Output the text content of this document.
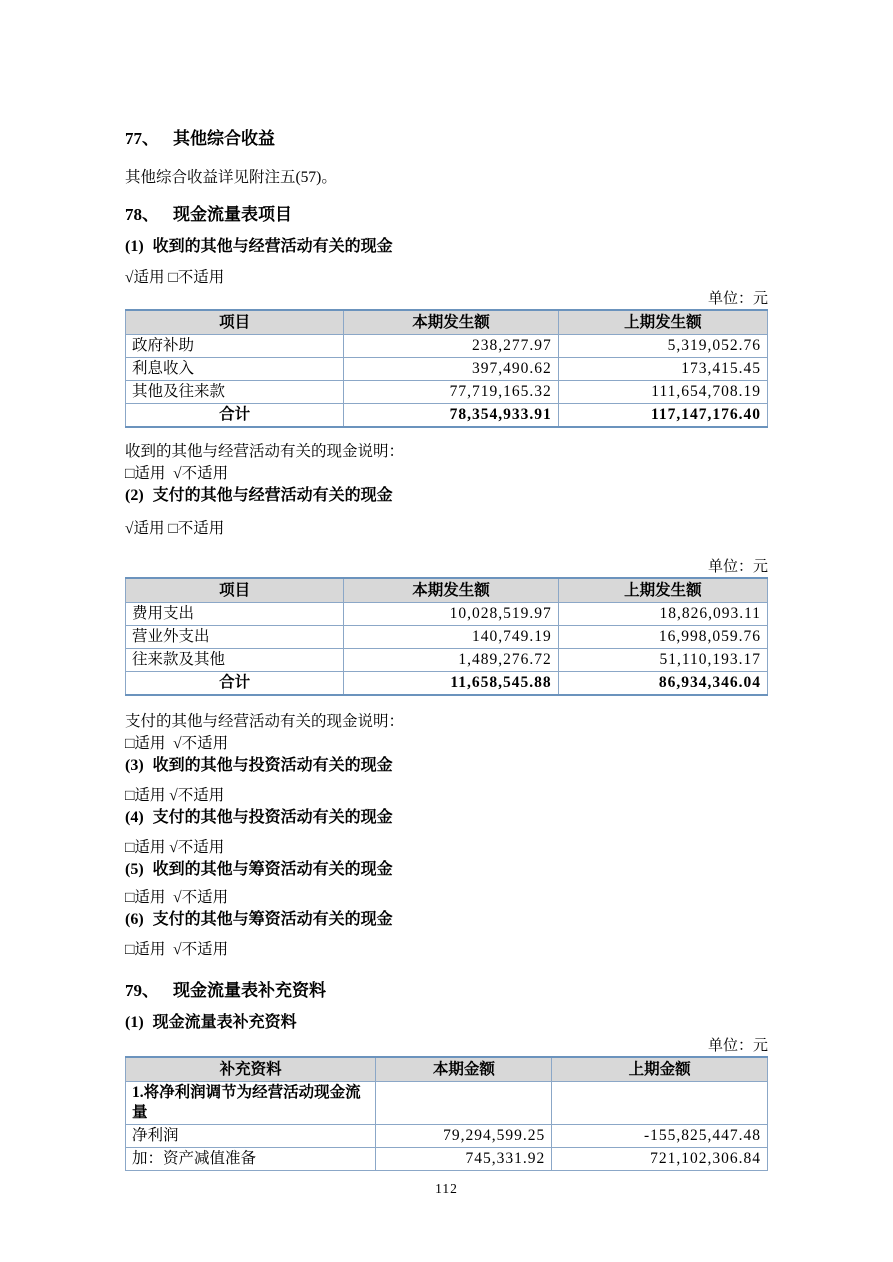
77、 其他综合收益

其他综合收益详见附注五(57)。

78、 现金流量表项目
(1) 收到的其他与经营活动有关的现金

√适用 □不适用

单位：元
项目	本期发生额	上期发生额
政府补助	238,277.97	5,319,052.76
利息收入	397,490.62	173,415.45
其他及往来款	77,719,165.32	111,654,708.19
合计	78,354,933.91	117,147,176.40

收到的其他与经营活动有关的现金说明：

□适用  √不适用

(2) 支付的其他与经营活动有关的现金

√适用 □不适用

单位：元
项目	本期发生额	上期发生额
费用支出	10,028,519.97	18,826,093.11
营业外支出	140,749.19	16,998,059.76
往来款及其他	1,489,276.72	51,110,193.17
合计	11,658,545.88	86,934,346.04

支付的其他与经营活动有关的现金说明：

□适用  √不适用

(3) 收到的其他与投资活动有关的现金

□适用 √不适用

(4) 支付的其他与投资活动有关的现金

□适用 √不适用

(5) 收到的其他与筹资活动有关的现金

□适用  √不适用

(6) 支付的其他与筹资活动有关的现金

□适用  √不适用

79、 现金流量表补充资料
(1) 现金流量表补充资料
单位：元
补充资料	本期金额	上期金额
1.将净利润调节为经营活动现金流量		
净利润	79,294,599.25	-155,825,447.48
加：资产减值准备	745,331.92	721,102,306.84
112
